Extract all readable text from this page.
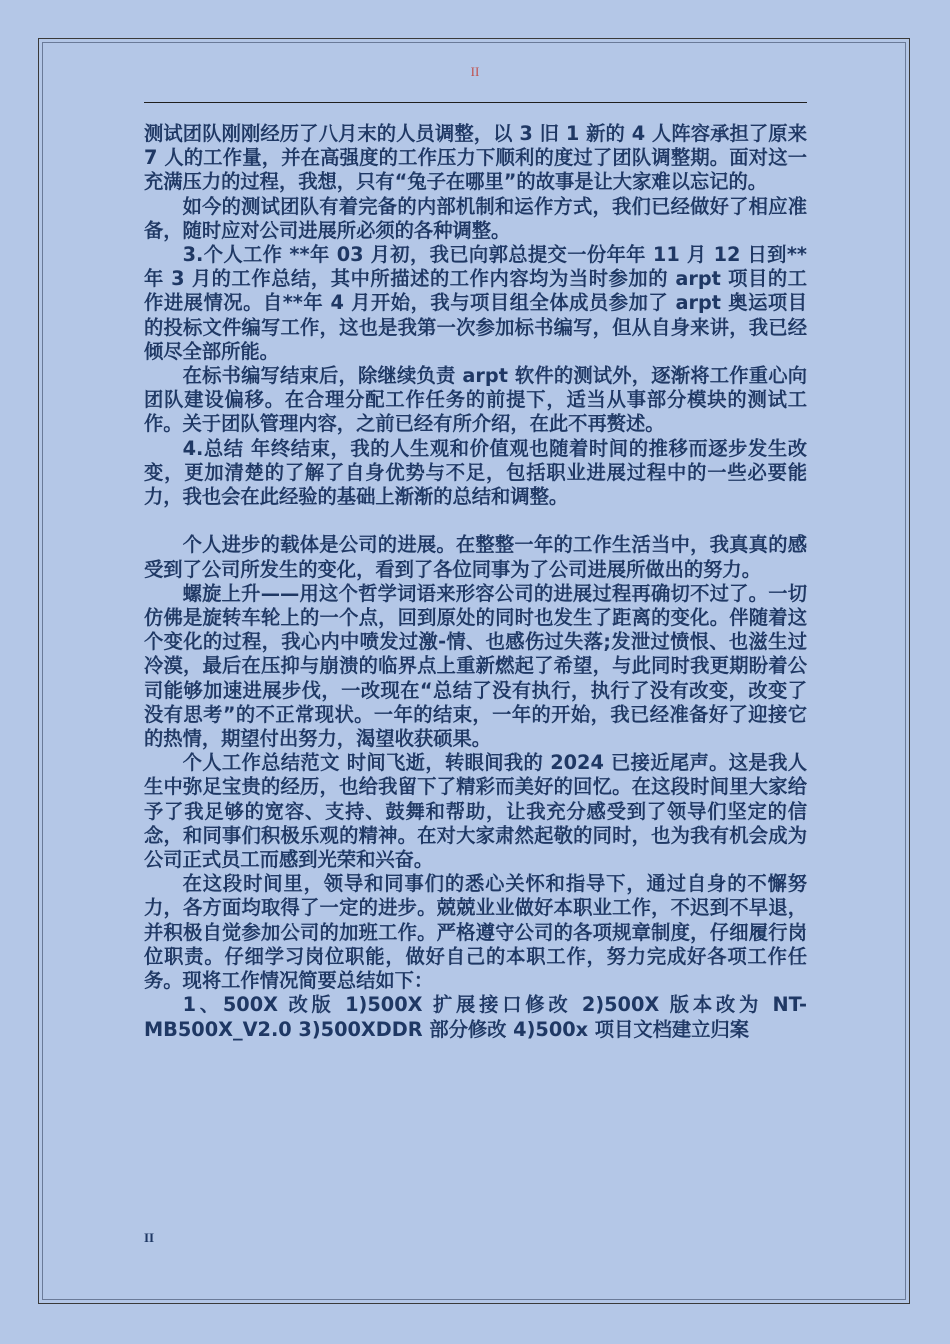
II

测试团队刚刚经历了八月末的人员调整，以 3 旧 1 新的 4 人阵容承担了原来 7 人的工作量，并在高强度的工作压力下顺利的度过了团队调整期。面对这一充满压力的过程，我想，只有“兔子在哪里”的故事是让大家难以忘记的。

如今的测试团队有着完备的内部机制和运作方式，我们已经做好了相应准备，随时应对公司进展所必须的各种调整。

3.个人工作 **年 03 月初，我已向郭总提交一份年年 11 月 12 日到**年 3 月的工作总结，其中所描述的工作内容均为当时参加的 arpt 项目的工作进展情况。自**年 4 月开始，我与项目组全体成员参加了 arpt 奥运项目的投标文件编写工作，这也是我第一次参加标书编写，但从自身来讲，我已经倾尽全部所能。

在标书编写结束后，除继续负责 arpt 软件的测试外，逐渐将工作重心向团队建设偏移。在合理分配工作任务的前提下，适当从事部分模块的测试工作。关于团队管理内容，之前已经有所介绍，在此不再赘述。

4.总结 年终结束，我的人生观和价值观也随着时间的推移而逐步发生改变，更加清楚的了解了自身优势与不足，包括职业进展过程中的一些必要能力，我也会在此经验的基础上渐渐的总结和调整。

个人进步的载体是公司的进展。在整整一年的工作生活当中，我真真的感受到了公司所发生的变化，看到了各位同事为了公司进展所做出的努力。

螺旋上升——用这个哲学词语来形容公司的进展过程再确切不过了。一切仿佛是旋转车轮上的一个点，回到原处的同时也发生了距离的变化。伴随着这个变化的过程，我心内中喷发过激-情、也感伤过失落;发泄过愤恨、也滋生过冷漠，最后在压抑与崩溃的临界点上重新燃起了希望，与此同时我更期盼着公司能够加速进展步伐，一改现在“总结了没有执行，执行了没有改变，改变了没有思考”的不正常现状。一年的结束，一年的开始，我已经准备好了迎接它的热情，期望付出努力，渴望收获硕果。

个人工作总结范文 时间飞逝，转眼间我的 2024 已接近尾声。这是我人生中弥足宝贵的经历，也给我留下了精彩而美好的回忆。在这段时间里大家给予了我足够的宽容、支持、鼓舞和帮助，让我充分感受到了领导们坚定的信念，和同事们积极乐观的精神。在对大家肃然起敬的同时，也为我有机会成为公司正式员工而感到光荣和兴奋。

在这段时间里，领导和同事们的悉心关怀和指导下，通过自身的不懈努力，各方面均取得了一定的进步。兢兢业业做好本职业工作，不迟到不早退，并积极自觉参加公司的加班工作。严格遵守公司的各项规章制度，仔细履行岗位职责。仔细学习岗位职能，做好自己的本职工作，努力完成好各项工作任务。现将工作情况简要总结如下：

1、500X 改版 1)500X 扩展接口修改 2)500X 版本改为 NT-MB500X_V2.0 3)500XDDR 部分修改 4)500x 项目文档建立归案

II
